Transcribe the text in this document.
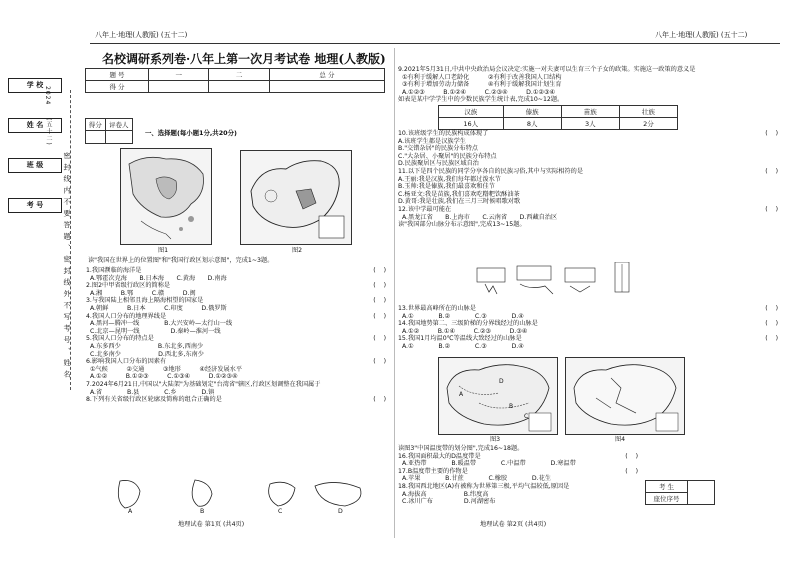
八年上·地理(人教版) (五十二)	八年上·地理(人教版) (五十二)
学 校
姓 名
班 级
考 号
2024
(五十二)
密封线内不要答题、密封线外不写考号、姓名
名校调研系列卷·八年上第一次月考试卷 地理(人教版)
题 号	一	二	总 分
得 分			
得分	评卷人

一、选择题(每小题1分,共20分)
图1	图2
读"我国在世界上的位置图"和"我国行政区划示意图"，完成1~3题。
1.我国濒临的海洋是	(    )
A.鄂霍次克海   B.日本海   C.黄海   D.南海
2.图2中甲省级行政区的简称是	(    )
A.湘   	B.鄂   	C.赣   	D.闽
3.与我国陆上相邻且海上隔海相望的国家是	(    )
A.朝鲜   	B.日本   	C.印度   	D.俄罗斯
4.我国人口分布的地理界线是	(    )
A.黑河—腾冲一线    	B.大兴安岭—太行山一线
C.北京—昆明一线     	D.秦岭—淮河一线
5.我国人口分布的特点是	(    )
A.东多西少      	B.东北多,西南少
C.北多南少      	D.西北多,东南少
6.影响我国人口分布的因素有	(    )
①气候   	②交通   	③地形   	④经济发展水平
A.①②   	B.①②③   	C.①③④   	D.①②③④
7.2024年6月21日,中国以"大陆架"为基础划定"台湾省"辖区,行政区划调整在我国属于
A.省    	B.县    	C.乡    	D.镇
8.下列有关省级行政区轮廓及简称的组合正确的是	(    )
A	B	C	D
地理试卷 第1页 (共4页)
9.2021年5月31日,中共中央政治局会议决定:实施一对夫妻可以生育三个子女的政策。实施这一政策的意义是
①有利于缓解人口老龄化   	②有利于改善我国人口结构
③有利于增加劳动力储备   	④有利于缓解我国计划生育
A.①②③   	B.①②④   	C.②③④   	D.①②③④
如表是某中学学生中的少数民族学生统计表,完成10~12题。
汉族	傣族	苗族	壮族
16人	8人	3人	2分
10.该班级学生的民族构成体现了	(    )
A.该班学生都是汉族学生
B."交错杂居"的民族分布特点
C."大杂居、小聚居"的民族分布特点
D.民族聚居区与民族区域自治
11.以下是四个民族的同学分享各自的民族习俗,其中与实际相符的是	(    )
A.王丽:我是汉族,我们每年都过泼水节
B.玉帅:我是傣族,我们最喜欢和佳节
C.杨亚文:我是苗族,我们喜欢吃糌粑饮酥油茶
D.黄哥:我是壮族,我们在三月三时候唱歌对歌
12.该中学最可能在	(    )
A.黑龙江省   B.上海市   C.云南省   D.西藏自治区
读"我国部分山脉分布示意图",完成13~15题。
13.世界最高峰所在的山脉是	(    )
A.①    	B.②    	C.③    	D.④
14.我国地势第二、三级阶梯的分界线经过的山脉是	(    )
A.①②   	B.①④   	C.②③   	D.③④
15.我国1月均温0℃等温线大致经过的山脉是	(    )
A.①    	B.②    	C.③    	D.④
A
D
B
C
图3	图4
读图3"中国温度带的划分图",完成16~18题。
16.我国面积最大的D温度带是	(    )
A.亚热带    	B.暖温带    	C.中温带    	D.寒温带
17.B温度带主要的作物是	(    )
A.苹果    	B.甘蔗    	C.橡胶    	D.花生
18.我国西北地区(A)有被称为世界第三极,平均气温较低,原因是
A.海拔高      	B.纬度高
C.冰川广布     	D.河湖密布
考 生	
座位序号
地理试卷 第2页 (共4页)
